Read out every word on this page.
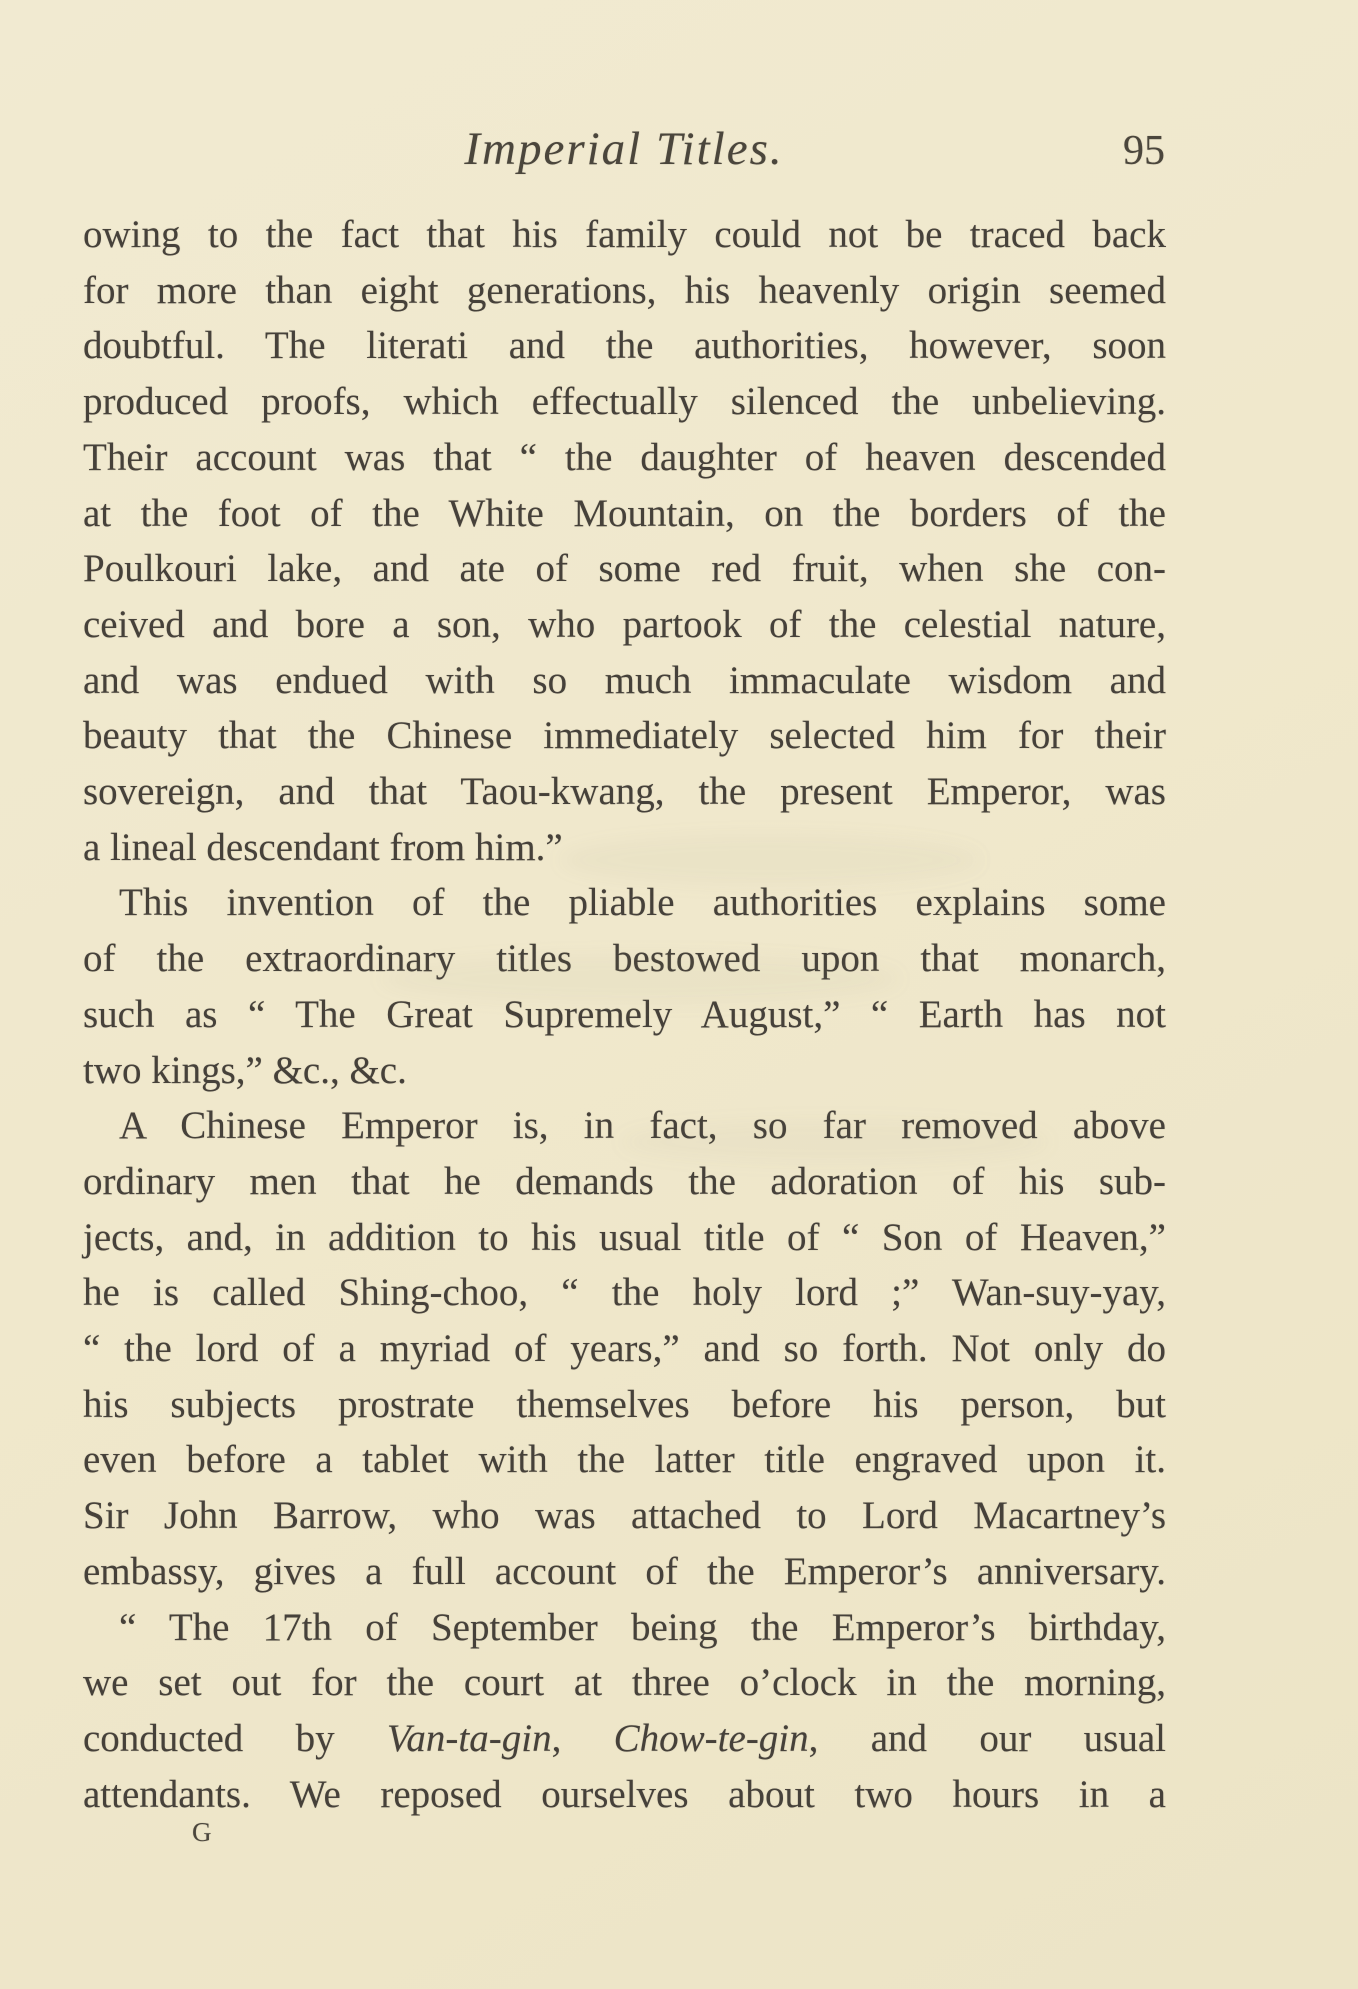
Imperial Titles.	95
owing to the fact that his family could not be traced back
for more than eight generations, his heavenly origin seemed
doubtful. The literati and the authorities, however, soon
produced proofs, which effectually silenced the unbelieving.
Their account was that “ the daughter of heaven descended
at the foot of the White Mountain, on the borders of the
Poulkouri lake, and ate of some red fruit, when she con-
ceived and bore a son, who partook of the celestial nature,
and was endued with so much immaculate wisdom and
beauty that the Chinese immediately selected him for their
sovereign, and that Taou-kwang, the present Emperor, was
a lineal descendant from him.”
This invention of the pliable authorities explains some
of the extraordinary titles bestowed upon that monarch,
such as “ The Great Supremely August,” “ Earth has not
two kings,” &c., &c.
A Chinese Emperor is, in fact, so far removed above
ordinary men that he demands the adoration of his sub-
jects, and, in addition to his usual title of “ Son of Heaven,”
he is called Shing-choo, “ the holy lord ;” Wan-suy-yay,
“ the lord of a myriad of years,” and so forth. Not only do
his subjects prostrate themselves before his person, but
even before a tablet with the latter title engraved upon it.
Sir John Barrow, who was attached to Lord Macartney’s
embassy, gives a full account of the Emperor’s anniversary.
“ The 17th of September being the Emperor’s birthday,
we set out for the court at three o’clock in the morning,
conducted by Van-ta-gin, Chow-te-gin, and our usual
attendants. We reposed ourselves about two hours in a
G
